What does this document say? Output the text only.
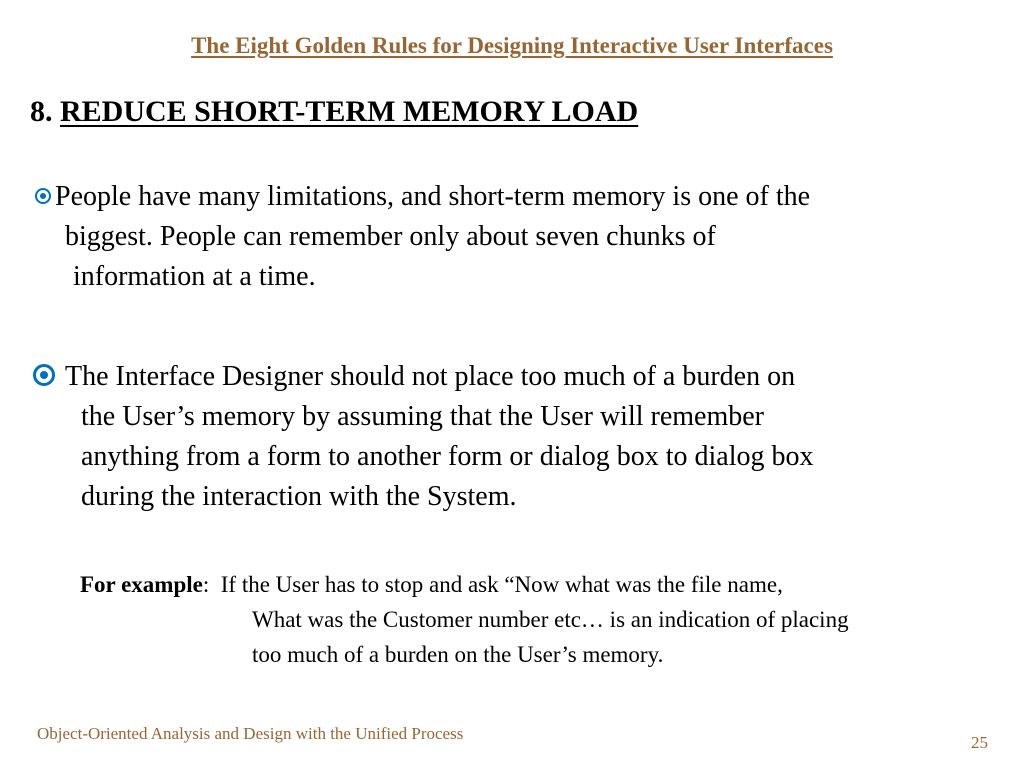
The Eight Golden Rules for Designing Interactive User Interfaces
8. REDUCE SHORT-TERM MEMORY LOAD
People have many limitations, and short-term memory is one of the
biggest. People can remember only about seven chunks of
information at a time.
The Interface Designer should not place too much of a burden on
the User’s memory by assuming that the User will remember
anything from a form to another form or dialog box to dialog box
during the interaction with the System.
For example:  If the User has to stop and ask “Now what was the file name,
What was the Customer number etc… is an indication of placing
too much of a burden on the User’s memory.
Object-Oriented Analysis and Design with the Unified Process	25
